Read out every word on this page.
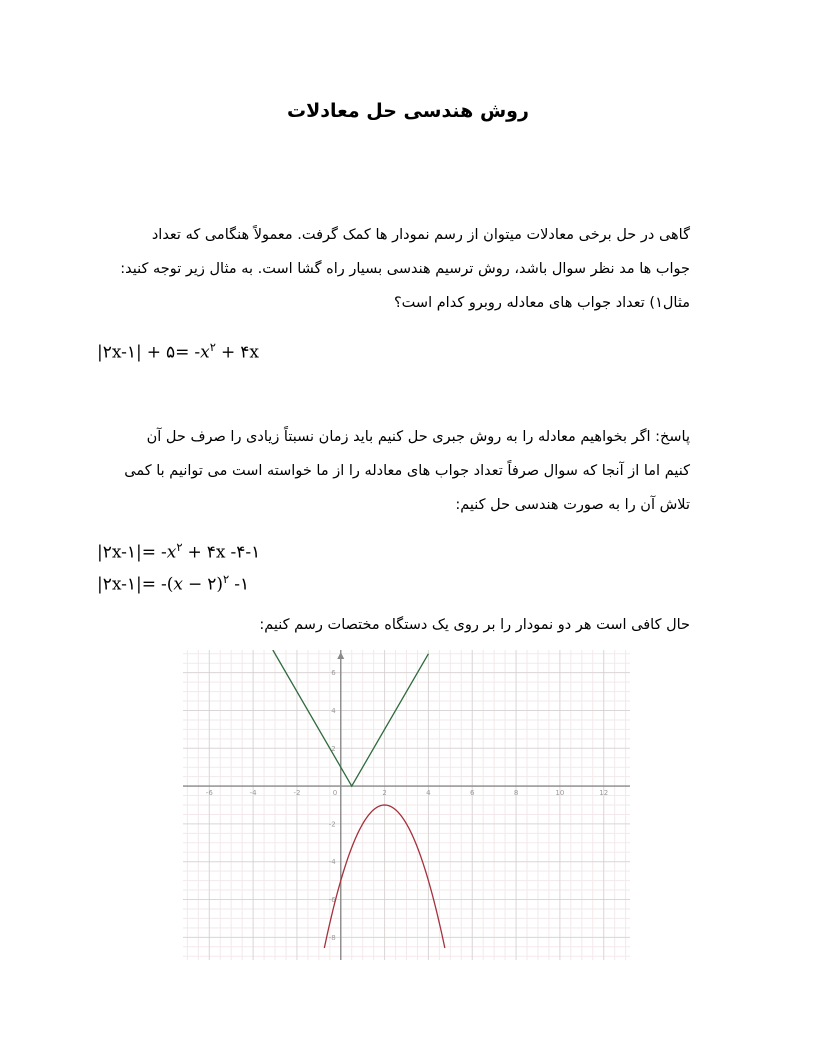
روش هندسی حل معادلات
گاهی در حل برخی معادلات میتوان از رسم نمودار ها کمک گرفت. معمولاً هنگامی که تعداد
جواب ها مد نظر سوال باشد، روش ترسیم هندسی بسیار راه گشا است. به مثال زیر توجه کنید:
مثال۱) تعداد جواب های معادله روبرو کدام است؟
|۲x-۱| + ۵= $-x^۲$ + ۴x
پاسخ: اگر بخواهیم معادله را به روش جبری حل کنیم باید زمان نسبتاً زیادی را صرف حل آن
کنیم اما از آنجا که سوال صرفاً تعداد جواب های معادله را از ما خواسته است می توانیم با کمی
تلاش آن را به صورت هندسی حل کنیم:
|۲x-۱|= $-x^۲$ + ۴x -۴-۱
|۲x-۱|= -(x − ۲)$^۲$ -۱
حال کافی است هر دو نمودار را بر روی یک دستگاه مختصات رسم کنیم:
-6	-4	-2	0	2	4	6	8	10	12
6
4
2
-2
-4
-6
-8
